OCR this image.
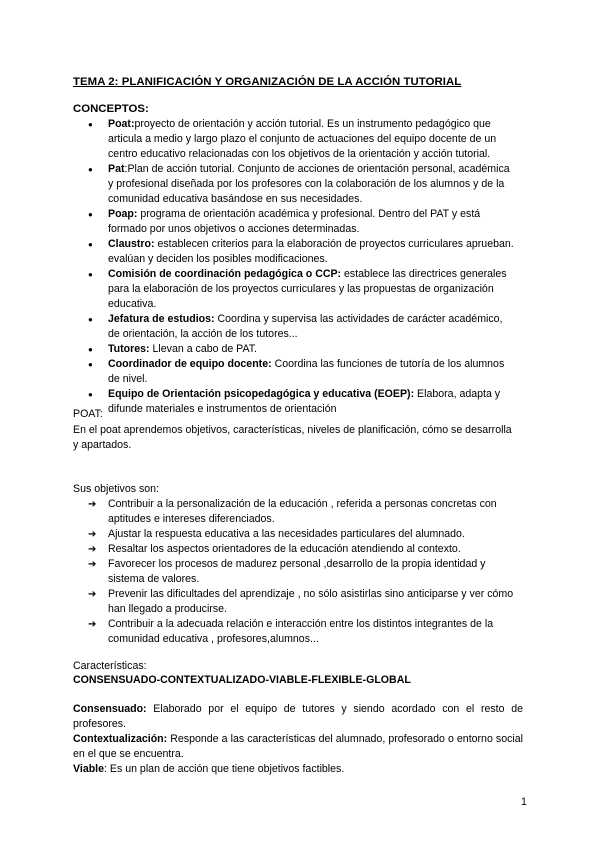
TEMA 2: PLANIFICACIÓN Y ORGANIZACIÓN DE LA ACCIÓN TUTORIAL
CONCEPTOS:
● Poat:proyecto de orientación y acción tutorial. Es un instrumento pedagógico que articula a medio y largo plazo el conjunto de actuaciones del equipo docente de un centro educativo relacionadas con los objetivos de la orientación y acción tutorial.
● Pat:Plan de acción tutorial. Conjunto de acciones de orientación personal, académica y profesional diseñada por los profesores con la colaboración de los alumnos y de la comunidad educativa basándose en sus necesidades.
● Poap: programa de orientación académica y profesional. Dentro del PAT y está formado por unos objetivos o acciones determinadas.
● Claustro: establecen criterios para la elaboración de proyectos curriculares aprueban. evalúan y deciden los posibles modificaciones.
● Comisión de coordinación pedagógica o CCP: establece las directrices generales para la elaboración de los proyectos curriculares y las propuestas de organización educativa.
● Jefatura de estudios: Coordina y supervisa las actividades de carácter académico, de orientación, la acción de los tutores...
● Tutores: Llevan a cabo de PAT.
● Coordinador de equipo docente: Coordina las funciones de tutoría de los alumnos de nivel.
● Equipo de Orientación psicopedagógica y educativa (EOEP): Elabora, adapta y difunde materiales e instrumentos de orientación
POAT:
En el poat aprendemos objetivos, características, niveles de planificación, cómo se desarrolla y apartados.
Sus objetivos son:
➔ Contribuir a la personalización de la educación , referida a personas concretas con aptitudes e intereses diferenciados.
➔ Ajustar la respuesta educativa a las necesidades particulares del alumnado.
➔ Resaltar los aspectos orientadores de la educación atendiendo al contexto.
➔ Favorecer los procesos de madurez personal ,desarrollo de la propia identidad y sistema de valores.
➔ Prevenir las dificultades del aprendizaje , no sólo asistirlas sino anticiparse y ver cómo han llegado a producirse.
➔ Contribuir a la adecuada relación e interacción entre los distintos integrantes de la comunidad educativa , profesores,alumnos...
Características:
CONSENSUADO-CONTEXTUALIZADO-VIABLE-FLEXIBLE-GLOBAL
Consensuado: Elaborado por el equipo de tutores y siendo acordado con el resto de profesores.
Contextualización: Responde a las características del alumnado, profesorado o entorno social en el que se encuentra.
Viable: Es un plan de acción que tiene objetivos factibles.
1
